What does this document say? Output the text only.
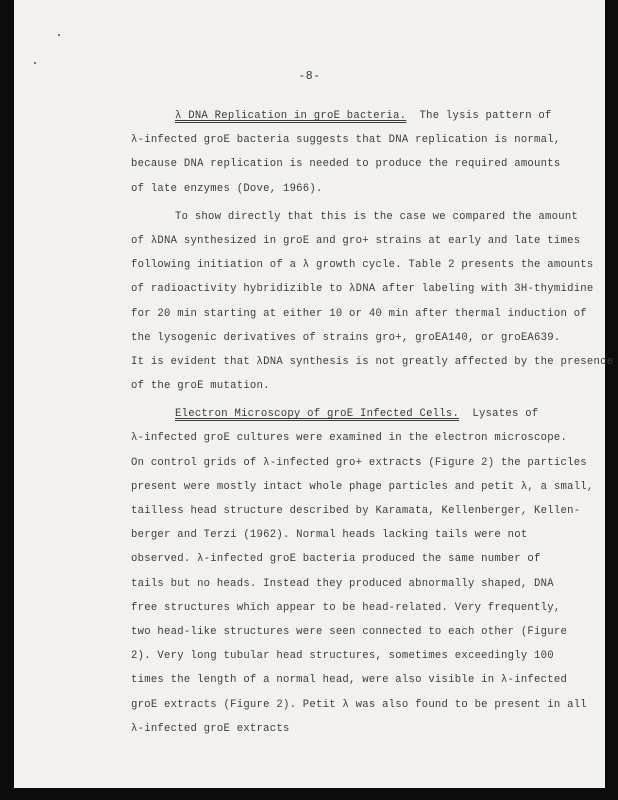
-8-
λ DNA Replication in groE bacteria. The lysis pattern of
λ-infected groE bacteria suggests that DNA replication is normal,
because DNA replication is needed to produce the required amounts
of late enzymes (Dove, 1966).
To show directly that this is the case we compared the amount
of λDNA synthesized in groE and gro+ strains at early and late times
following initiation of a λ growth cycle. Table 2 presents the amounts
of radioactivity hybridizible to λDNA after labeling with 3H-thymidine
for 20 min starting at either 10 or 40 min after thermal induction of
the lysogenic derivatives of strains gro+, groEA140, or groEA639.
It is evident that λDNA synthesis is not greatly affected by the presence
of the groE mutation.
Electron Microscopy of groE Infected Cells. Lysates of
λ-infected groE cultures were examined in the electron microscope.
On control grids of λ-infected gro+ extracts (Figure 2) the particles
present were mostly intact whole phage particles and petit λ, a small,
tailless head structure described by Karamata, Kellenberger, Kellen-
berger and Terzi (1962). Normal heads lacking tails were not
observed. λ-infected groE bacteria produced the same number of
tails but no heads. Instead they produced abnormally shaped, DNA
free structures which appear to be head-related. Very frequently,
two head-like structures were seen connected to each other (Figure
2). Very long tubular head structures, sometimes exceedingly 100
times the length of a normal head, were also visible in λ-infected
groE extracts (Figure 2). Petit λ was also found to be present in all
λ-infected groE extracts
